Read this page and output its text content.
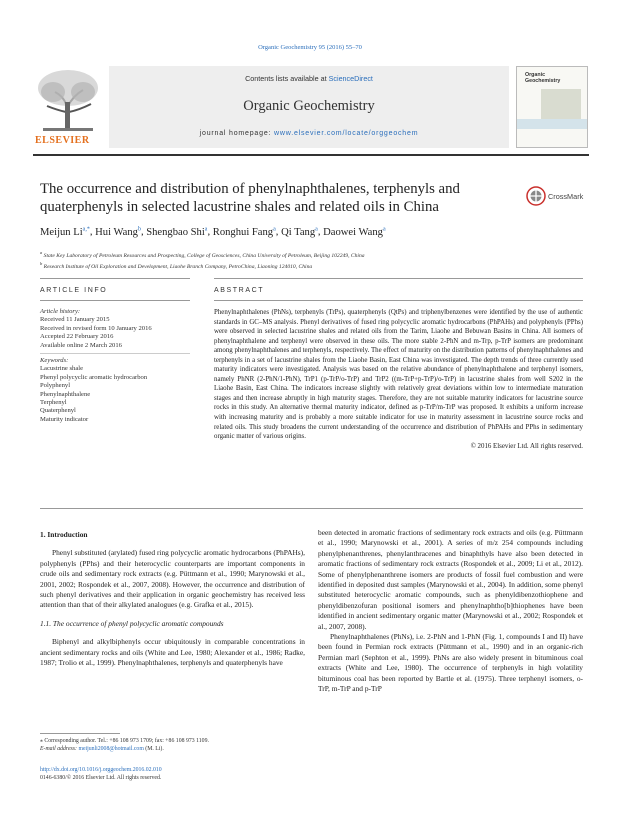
Organic Geochemistry 95 (2016) 55–70
ELSEVIER
Contents lists available at ScienceDirect
Organic Geochemistry
journal homepage: www.elsevier.com/locate/orggeochem
Organic
Geochemistry
The occurrence and distribution of phenylnaphthalenes, terphenyls and
quaterphenyls in selected lacustrine shales and related oils in China
CrossMark
Meijun $Li^{a,*}$, Hui Wang$^b$, Shengbao Shi$^a$, Ronghui Fang$^a$, Qi Tang$^a$, Daowei Wang$^a$
$^a$ State Key Laboratory of Petroleum Resources and Prospecting, College of Geosciences, China University of Petroleum, Beijing 102249, China
$^b$ Research Institute of Oil Exploration and Development, Liaohe Branch Company, PetroChina, Liaoning 124010, China
ARTICLE INFO	ABSTRACT
Article history:
Received 11 January 2015
Received in revised form 10 January 2016
Accepted 22 February 2016
Available online 2 March 2016
Keywords:
Lacustrine shale
Phenyl polycyclic aromatic hydrocarbon
Polyphenyl
Phenylnaphthalene
Terphenyl
Quaterphenyl
Maturity indicator
Phenylnaphthalenes (PhNs), terphenyls (TrPs), quaterphenyls (QtPs) and triphenylbenzenes were identified by the use of authentic standards in GC–MS analysis. Phenyl derivatives of fused ring polycyclic aromatic hydrocarbons (PhPAHs) and polyphenyls (PPhs) were observed in selected lacustrine shales and related oils from the Tarim, Liaohe and Bebuwan Basins in China. All isomers of phenylnaphthalene and terphenyl were observed in these oils. The more stable 2-PhN and m-Trp, p-TrP isomers are predominant among phenylnaphthalenes and terphenyls, respectively. The effect of maturity on the distribution patterns of phenylnaphthalenes and terphenyls in a set of lacustrine shales from the Liaohe Basin, East China was investigated. The depth trends of three currently used maturity indicators were investigated. Analysis was based on the relative abundance of phenylnaphthalene and terphenyl isomers, namely PhNR (2-PhN/1-PhN), TrP1 (p-TrP/o-TrP) and TrP2 ((m-TrP+p-TrP)/o-TrP) in lacustrine shales from well S202 in the Liaohe Basin, East China. The indicators increase slightly with relatively great deviations within low to intermediate maturation stages and then increase abruptly in high maturity stages. Therefore, they are not suitable maturity indicators for lacustrine source rocks in this study. An alternative thermal maturity indicator, defined as p-TrP/m-TrP was proposed. It exhibits a uniform increase with increasing maturity and is probably a more suitable indicator for use in maturity assessment in lacustrine source rocks and related oils. This study broadens the current understanding of the occurrence and distribution of PhPAHs and PPhs in sedimentary organic matter of various origins.
© 2016 Elsevier Ltd. All rights reserved.
1. Introduction

Phenyl substituted (arylated) fused ring polycyclic aromatic hydrocarbons (PhPAHs), polyphenyls (PPhs) and their heterocyclic counterparts are important components in crude oils and sedimentary rock extracts (e.g. Püttmann et al., 1990; Marynowski et al., 2001, 2002; Rospondek et al., 2007, 2008). However, the occurrence and distribution of such phenyl derivatives and their application in organic geochemistry has received less attention than that of their alkylated analogues (e.g. Grafka et al., 2015).

1.1. The occurrence of phenyl polycyclic aromatic compounds

Biphenyl and alkylbiphenyls occur ubiquitously in comparable concentrations in ancient sedimentary rocks and oils (White and Lee, 1980; Alexander et al., 1986; Radke, 1987; Trolio et al., 1999). Phenylnaphthalenes, terphenyls and quaterphenyls have

been detected in aromatic fractions of sedimentary rock extracts and oils (e.g. Püttmann et al., 1990; Marynowski et al., 2001). A series of m/z 254 compounds including phenylphenanthrenes, phenylanthracenes and binaphthyls have also been detected in aromatic fractions of sedimentary rock extracts (Rospondek et al., 2009; Li et al., 2012). Some of phenylphenanthrene isomers are products of fossil fuel combustion and were identified in deposited dust samples (Marynowski et al., 2004). In addition, some phenyl substituted heterocyclic aromatic compounds, such as phenyldibenzothiophene and phenyldibenzofuran positional isomers and phenylnaphtho[b]thiophenes have been identified in ancient sedimentary organic matter (Marynowski et al., 2002; Rospondek et al., 2007, 2008).

Phenylnaphthalenes (PhNs), i.e. 2-PhN and 1-PhN (Fig. 1, compounds I and II) have been found in Permian rock extracts (Püttmann et al., 1990) and in an organic-rich Permian marl (Sephton et al., 1999). PhNs are also widely present in bituminous coal extracts (White and Lee, 1980). The occurrence of terphenyls in high volatility bituminous coal has been reported by Bartle et al. (1975). Three terphenyl isomers, o-TrP, m-TrP and p-TrP

⁎ Corresponding author. Tel.: +86 108 973 1709; fax: +86 108 973 1109.
E-mail address: meijunli2008@hotmail.com (M. Li).
http://dx.doi.org/10.1016/j.orggeochem.2016.02.010
0146-6380/© 2016 Elsevier Ltd. All rights reserved.
